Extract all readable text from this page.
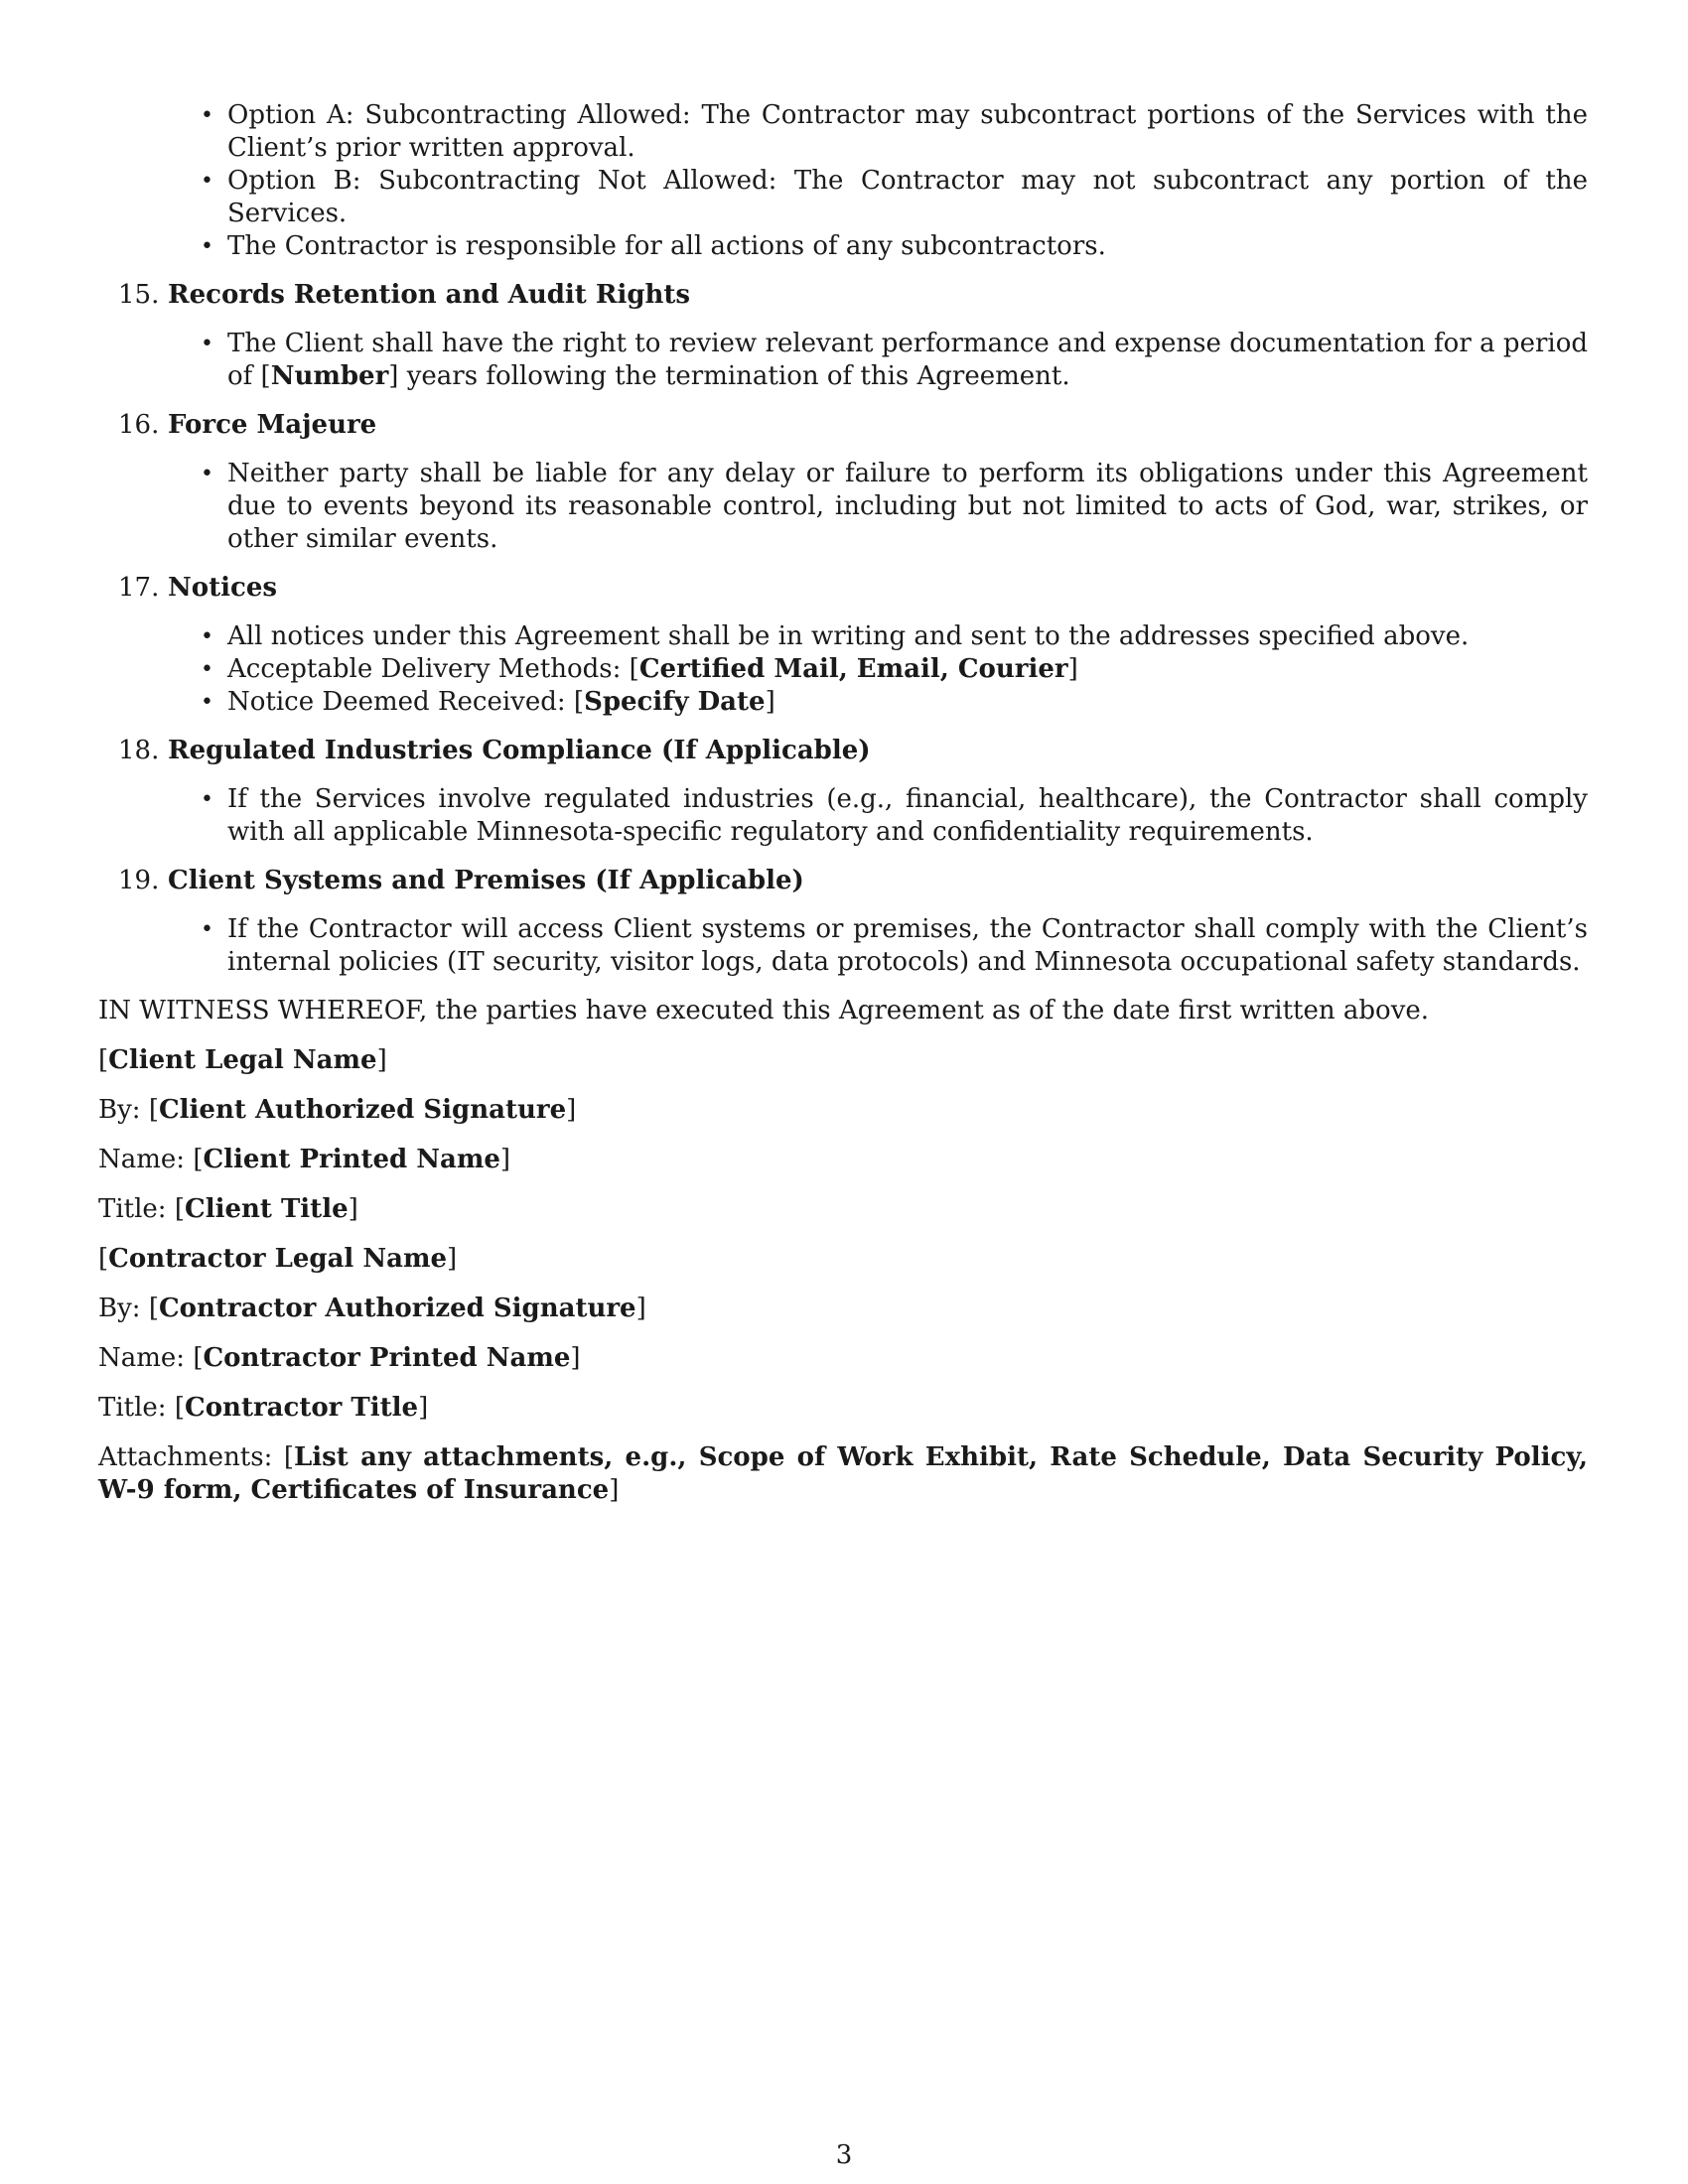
• Option A: Subcontracting Allowed: The Contractor may subcontract portions of the Services with the Client’s prior written approval.
• Option B: Subcontracting Not Allowed: The Contractor may not subcontract any portion of the Services.
• The Contractor is responsible for all actions of any subcontractors.
15. Records Retention and Audit Rights
• The Client shall have the right to review relevant performance and expense documentation for a period of [Number] years following the termination of this Agreement.
16. Force Majeure
• Neither party shall be liable for any delay or failure to perform its obligations under this Agreement due to events beyond its reasonable control, including but not limited to acts of God, war, strikes, or other similar events.
17. Notices
• All notices under this Agreement shall be in writing and sent to the addresses specified above.
• Acceptable Delivery Methods: [Certified Mail, Email, Courier]
• Notice Deemed Received: [Specify Date]
18. Regulated Industries Compliance (If Applicable)
• If the Services involve regulated industries (e.g., financial, healthcare), the Contractor shall comply with all applicable Minnesota-specific regulatory and confidentiality requirements.
19. Client Systems and Premises (If Applicable)
• If the Contractor will access Client systems or premises, the Contractor shall comply with the Client’s internal policies (IT security, visitor logs, data protocols) and Minnesota occupational safety standards.
IN WITNESS WHEREOF, the parties have executed this Agreement as of the date first written above.
[Client Legal Name]
By: [Client Authorized Signature]
Name: [Client Printed Name]
Title: [Client Title]
[Contractor Legal Name]
By: [Contractor Authorized Signature]
Name: [Contractor Printed Name]
Title: [Contractor Title]
Attachments: [List any attachments, e.g., Scope of Work Exhibit, Rate Schedule, Data Security Policy, W-9 form, Certificates of Insurance]
3
